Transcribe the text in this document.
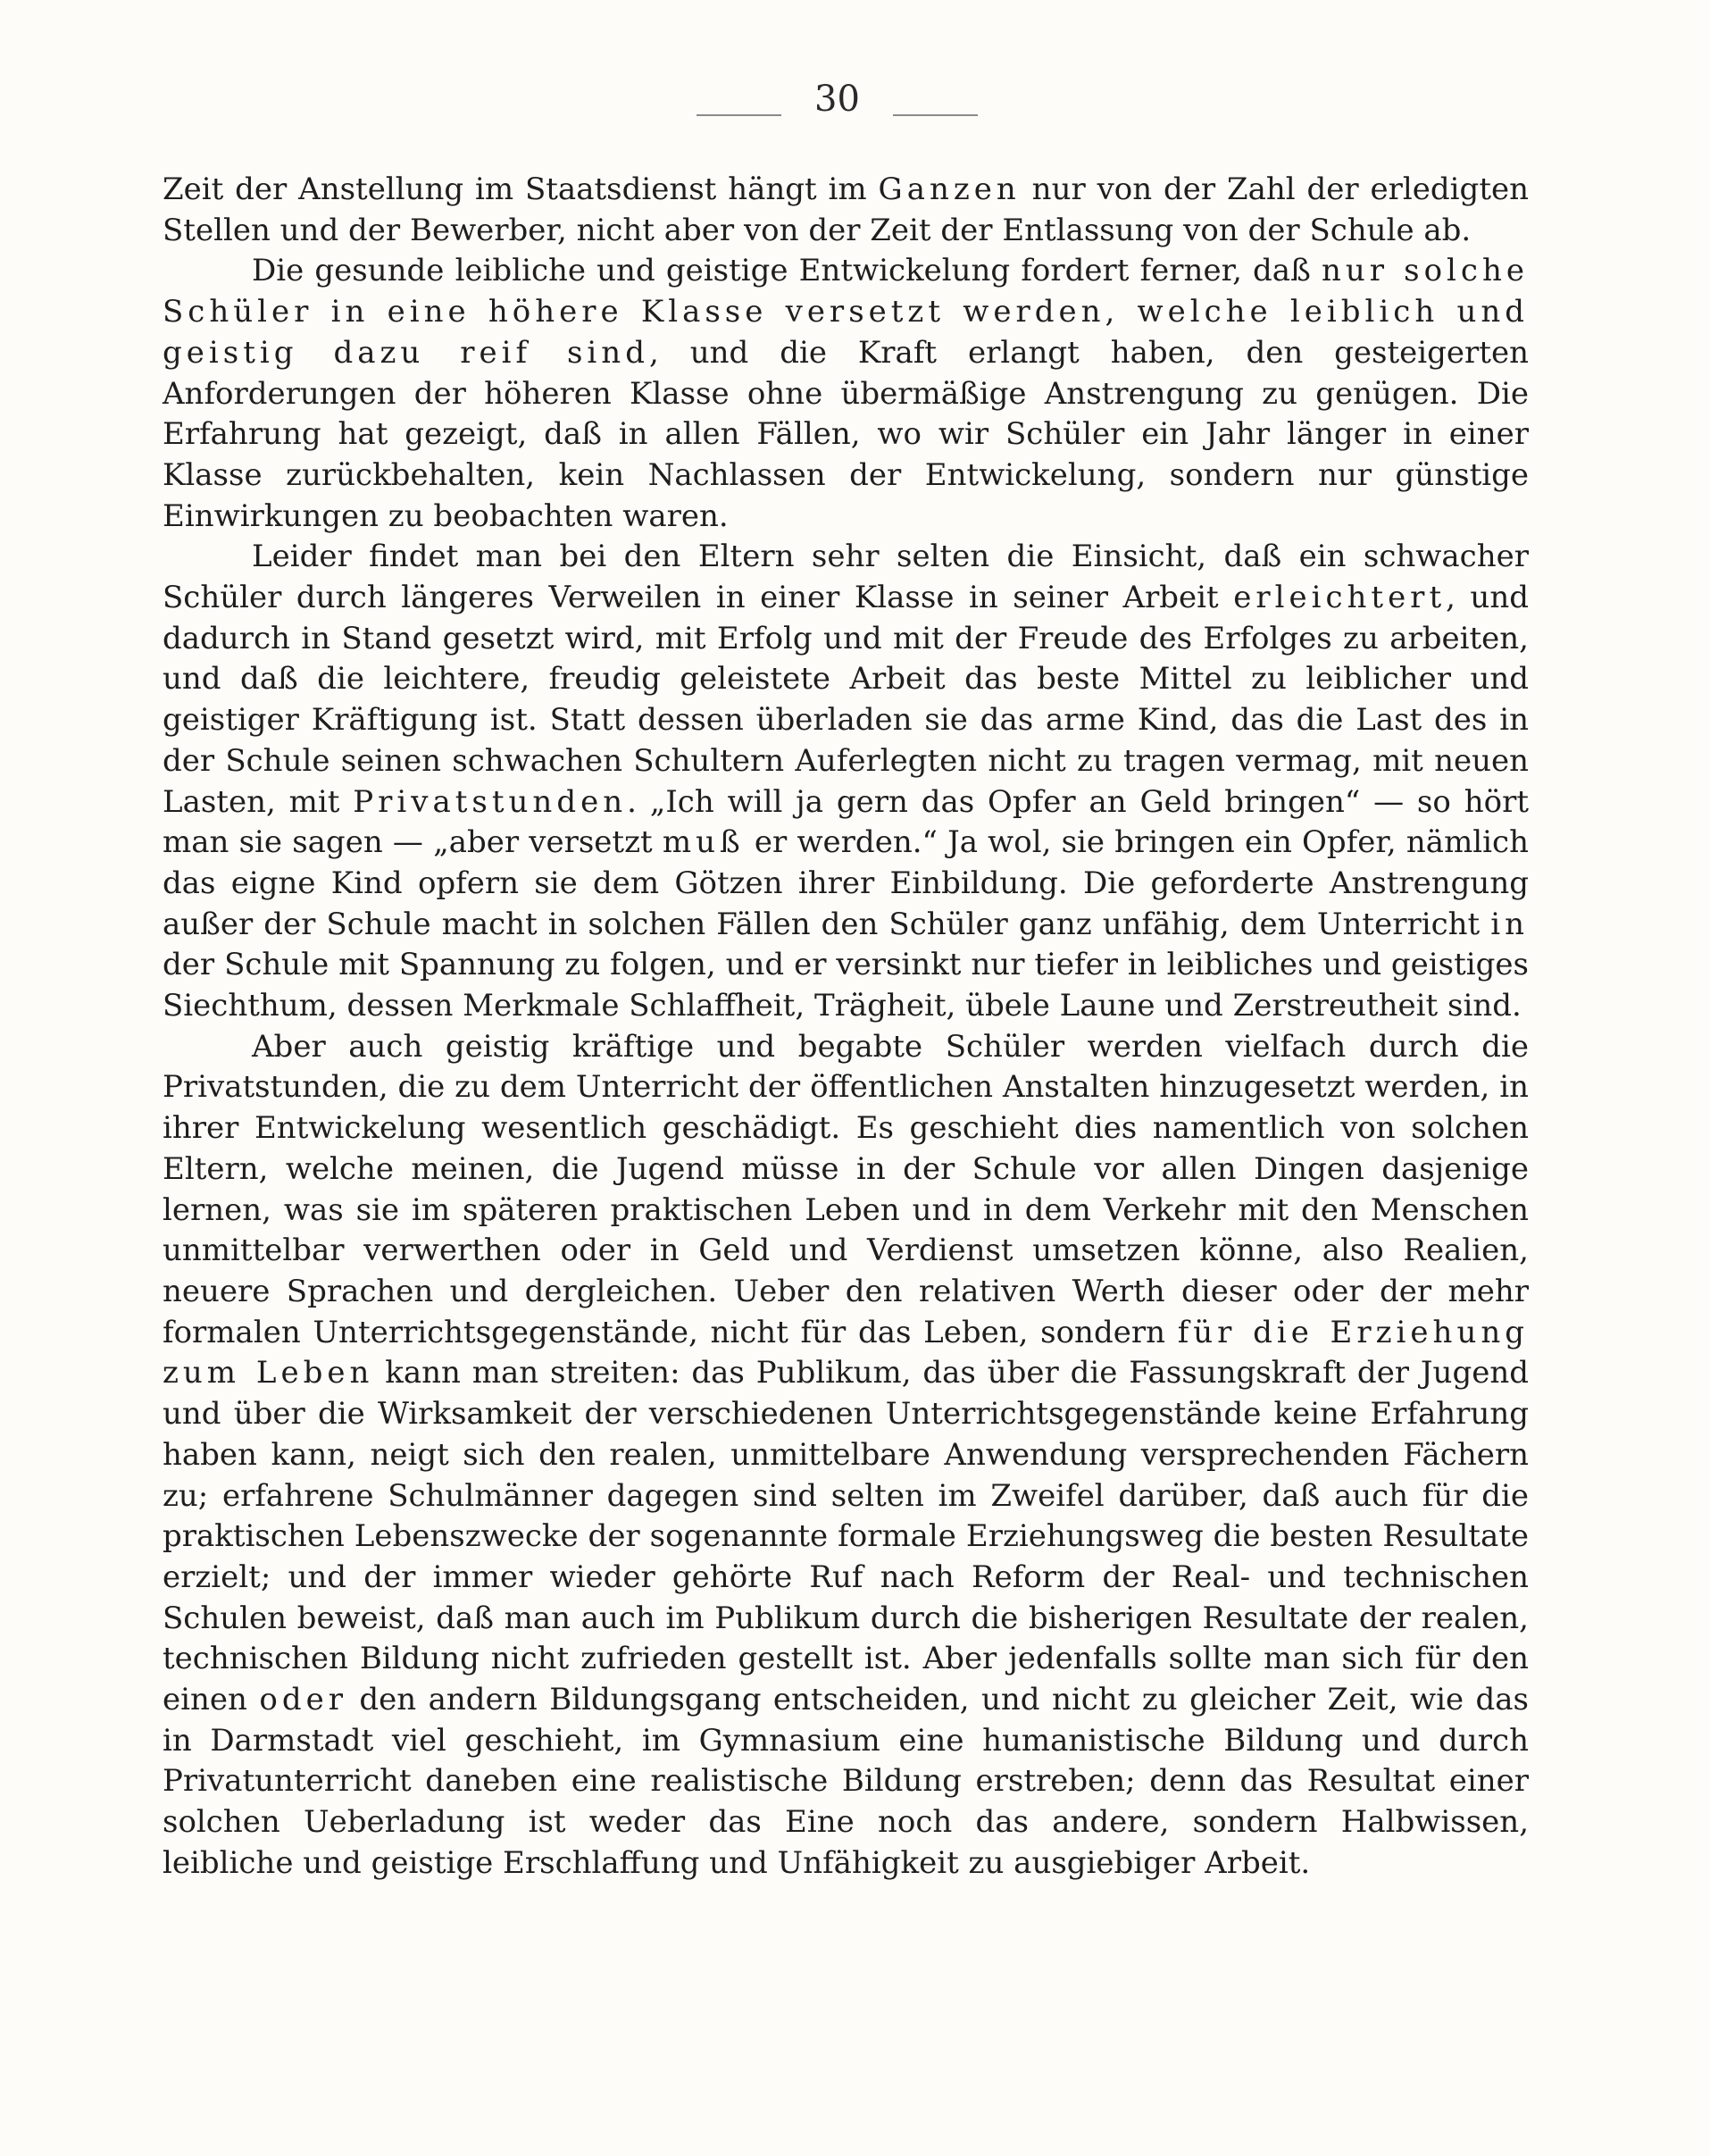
30

Zeit der Anstellung im Staatsdienst hängt im Ganzen nur von der Zahl der erledigten Stellen und der Bewerber, nicht aber von der Zeit der Entlassung von der Schule ab.

Die gesunde leibliche und geistige Entwickelung fordert ferner, daß nur solche Schüler in eine höhere Klasse versetzt werden, welche leiblich und geistig dazu reif sind, und die Kraft erlangt haben, den gesteigerten Anforderungen der höheren Klasse ohne übermäßige Anstrengung zu genügen. Die Erfahrung hat gezeigt, daß in allen Fällen, wo wir Schüler ein Jahr länger in einer Klasse zurückbehalten, kein Nachlassen der Entwickelung, sondern nur günstige Einwirkungen zu beobachten waren.

Leider findet man bei den Eltern sehr selten die Einsicht, daß ein schwacher Schüler durch längeres Verweilen in einer Klasse in seiner Arbeit erleichtert, und dadurch in Stand gesetzt wird, mit Erfolg und mit der Freude des Erfolges zu arbeiten, und daß die leichtere, freudig geleistete Arbeit das beste Mittel zu leiblicher und geistiger Kräftigung ist. Statt dessen überladen sie das arme Kind, das die Last des in der Schule seinen schwachen Schultern Auferlegten nicht zu tragen vermag, mit neuen Lasten, mit Privatstunden. „Ich will ja gern das Opfer an Geld bringen“ — so hört man sie sagen — „aber versetzt muß er werden.“ Ja wol, sie bringen ein Opfer, nämlich das eigne Kind opfern sie dem Götzen ihrer Einbildung. Die geforderte Anstrengung außer der Schule macht in solchen Fällen den Schüler ganz unfähig, dem Unterricht in der Schule mit Spannung zu folgen, und er versinkt nur tiefer in leibliches und geistiges Siechthum, dessen Merkmale Schlaffheit, Trägheit, übele Laune und Zerstreutheit sind.

Aber auch geistig kräftige und begabte Schüler werden vielfach durch die Privatstunden, die zu dem Unterricht der öffentlichen Anstalten hinzugesetzt werden, in ihrer Entwickelung wesentlich geschädigt. Es geschieht dies namentlich von solchen Eltern, welche meinen, die Jugend müsse in der Schule vor allen Dingen dasjenige lernen, was sie im späteren praktischen Leben und in dem Verkehr mit den Menschen unmittelbar verwerthen oder in Geld und Verdienst umsetzen könne, also Realien, neuere Sprachen und dergleichen. Ueber den relativen Werth dieser oder der mehr formalen Unterrichtsgegenstände, nicht für das Leben, sondern für die Erziehung zum Leben kann man streiten: das Publikum, das über die Fassungskraft der Jugend und über die Wirksamkeit der verschiedenen Unterrichtsgegenstände keine Erfahrung haben kann, neigt sich den realen, unmittelbare Anwendung versprechenden Fächern zu; erfahrene Schulmänner dagegen sind selten im Zweifel darüber, daß auch für die praktischen Lebenszwecke der sogenannte formale Erziehungsweg die besten Resultate erzielt; und der immer wieder gehörte Ruf nach Reform der Real- und technischen Schulen beweist, daß man auch im Publikum durch die bisherigen Resultate der realen, technischen Bildung nicht zufrieden gestellt ist. Aber jedenfalls sollte man sich für den einen oder den andern Bildungsgang entscheiden, und nicht zu gleicher Zeit, wie das in Darmstadt viel geschieht, im Gymnasium eine humanistische Bildung und durch Privatunterricht daneben eine realistische Bildung erstreben; denn das Resultat einer solchen Ueberladung ist weder das Eine noch das andere, sondern Halbwissen, leibliche und geistige Erschlaffung und Unfähigkeit zu ausgiebiger Arbeit.
